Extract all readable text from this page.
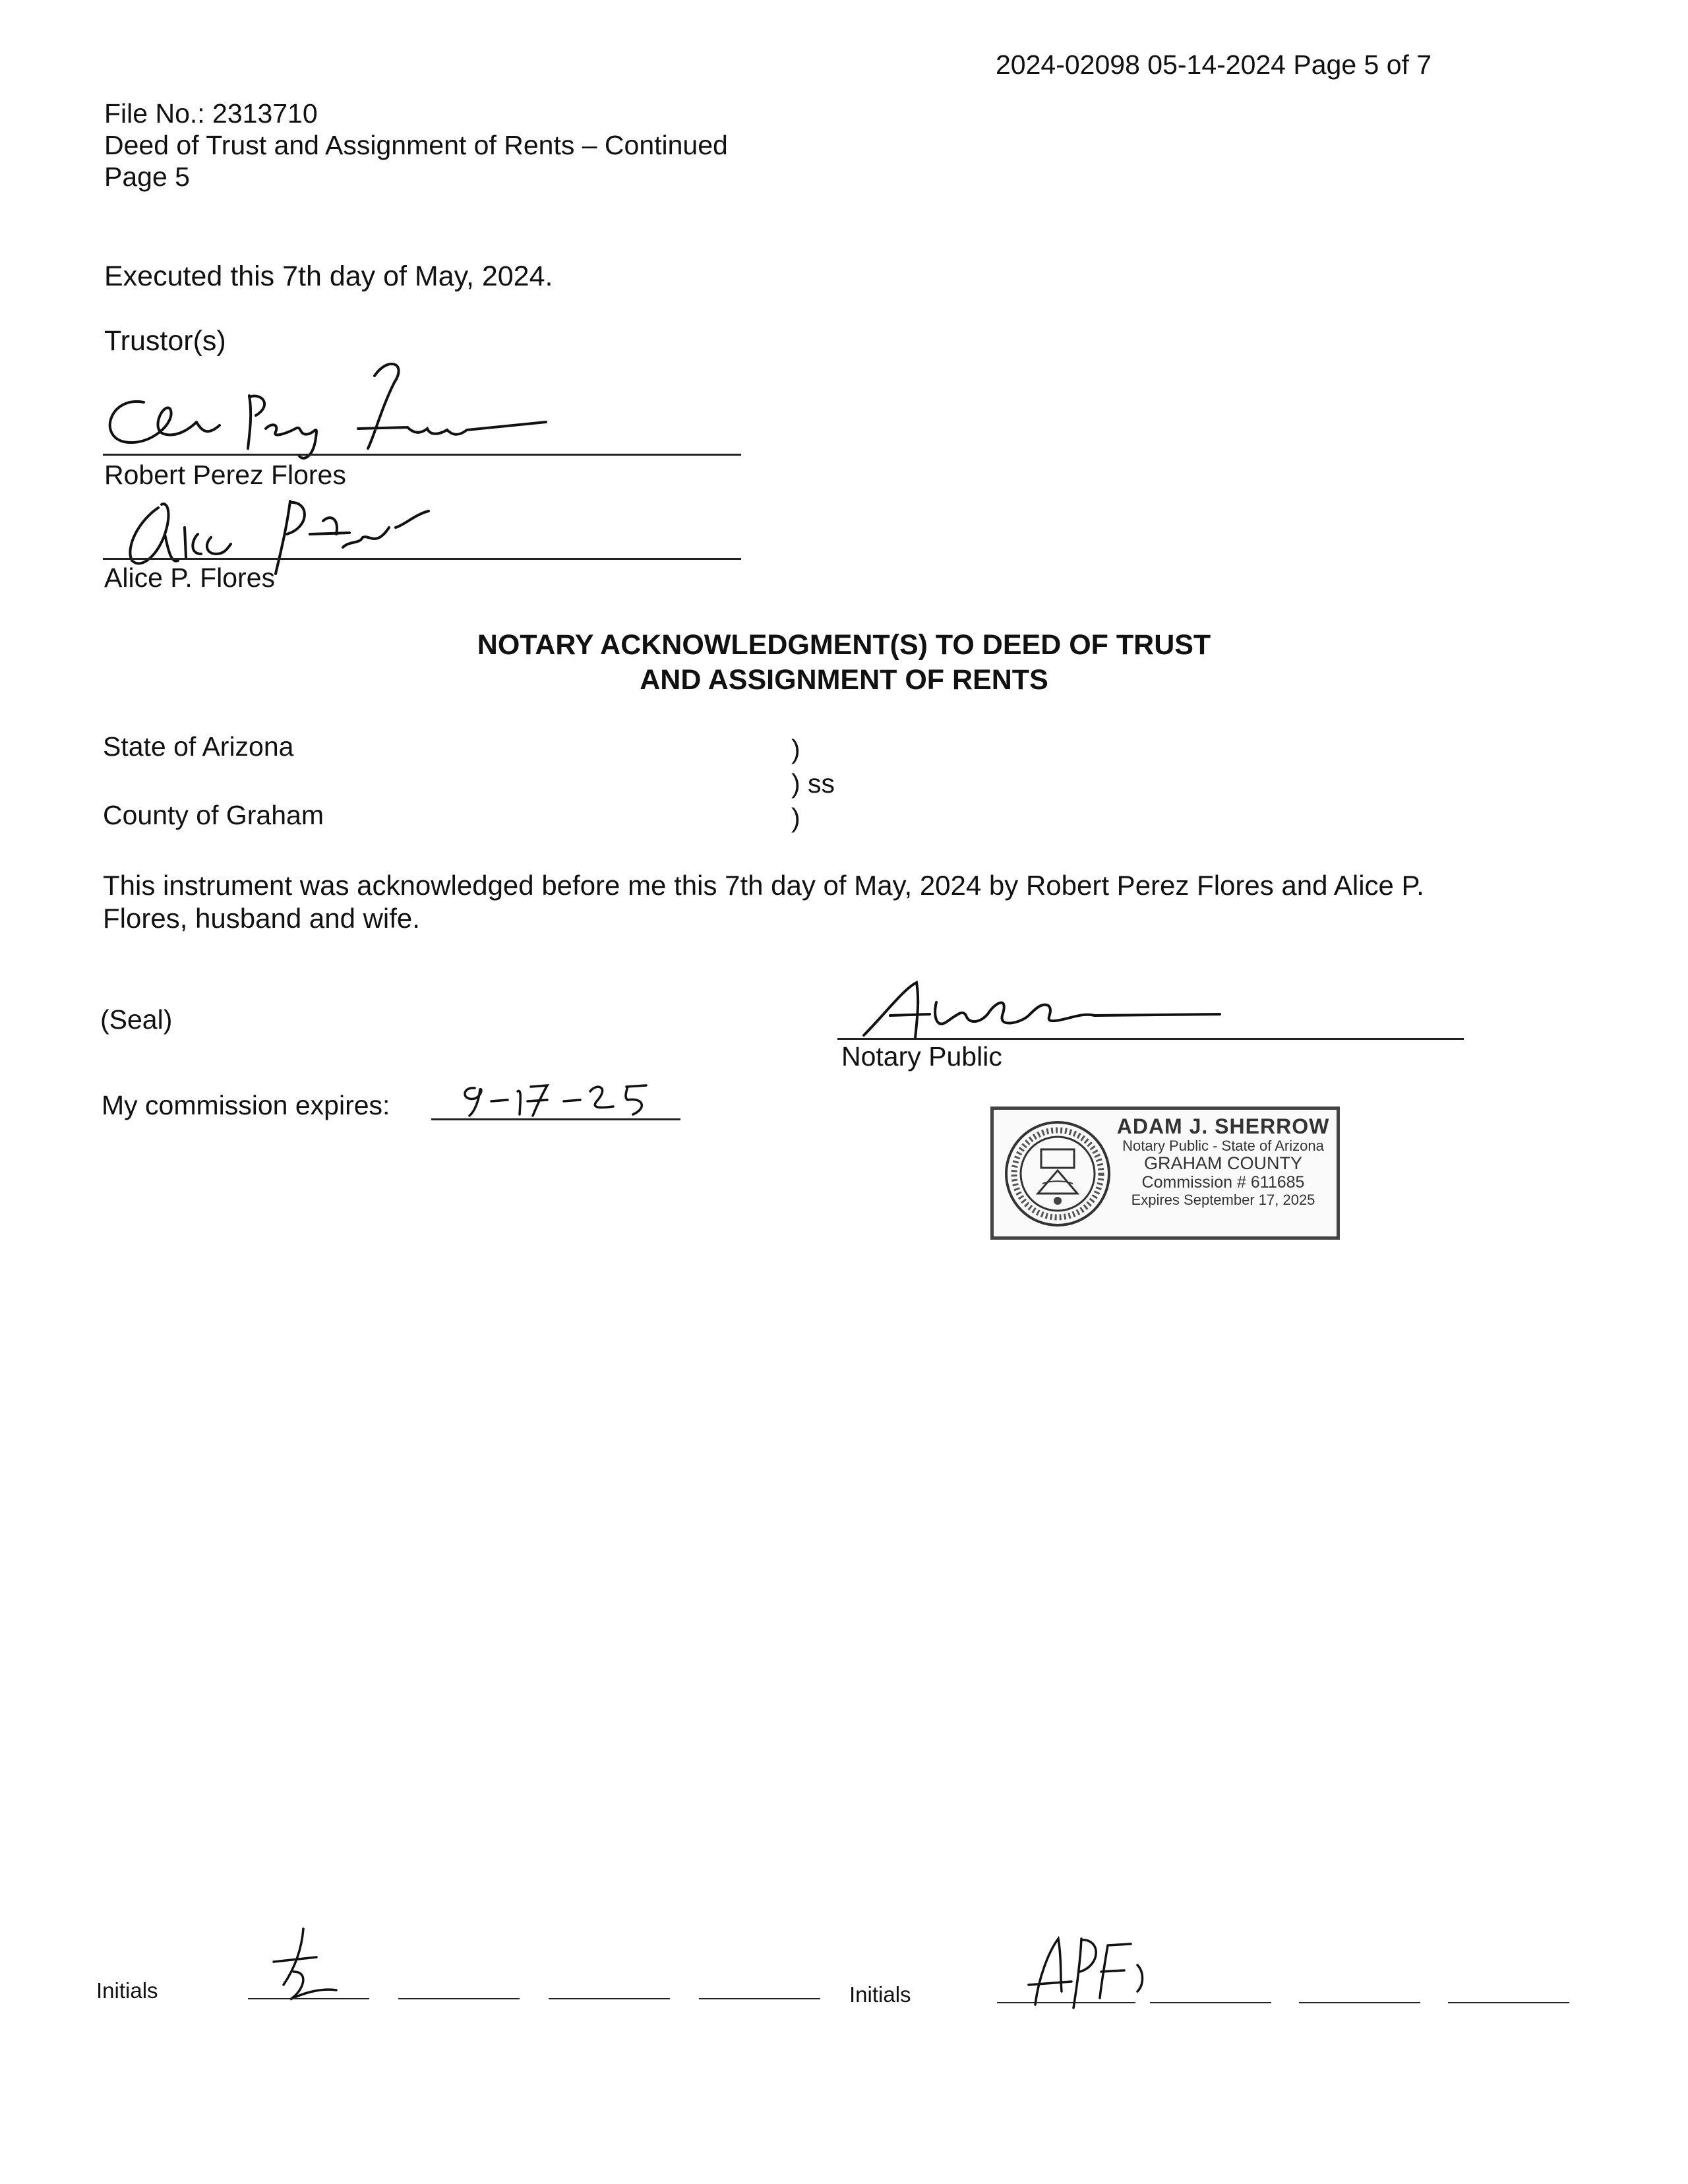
2024-02098 05-14-2024 Page 5 of 7
File No.: 2313710
Deed of Trust and Assignment of Rents – Continued
Page 5
Executed this 7th day of May, 2024.
Trustor(s)
Robert Perez Flores
Alice P. Flores
NOTARY ACKNOWLEDGMENT(S) TO DEED OF TRUST
AND ASSIGNMENT OF RENTS
State of Arizona
County of Graham
)
) ss
)
This instrument was acknowledged before me this 7th day of May, 2024 by Robert Perez Flores and Alice P.
Flores, husband and wife.
(Seal)
Notary Public
My commission expires:
ADAM J. SHERROW
Notary Public - State of Arizona
GRAHAM COUNTY
Commission # 611685
Expires September 17, 2025
Initials	Initials
